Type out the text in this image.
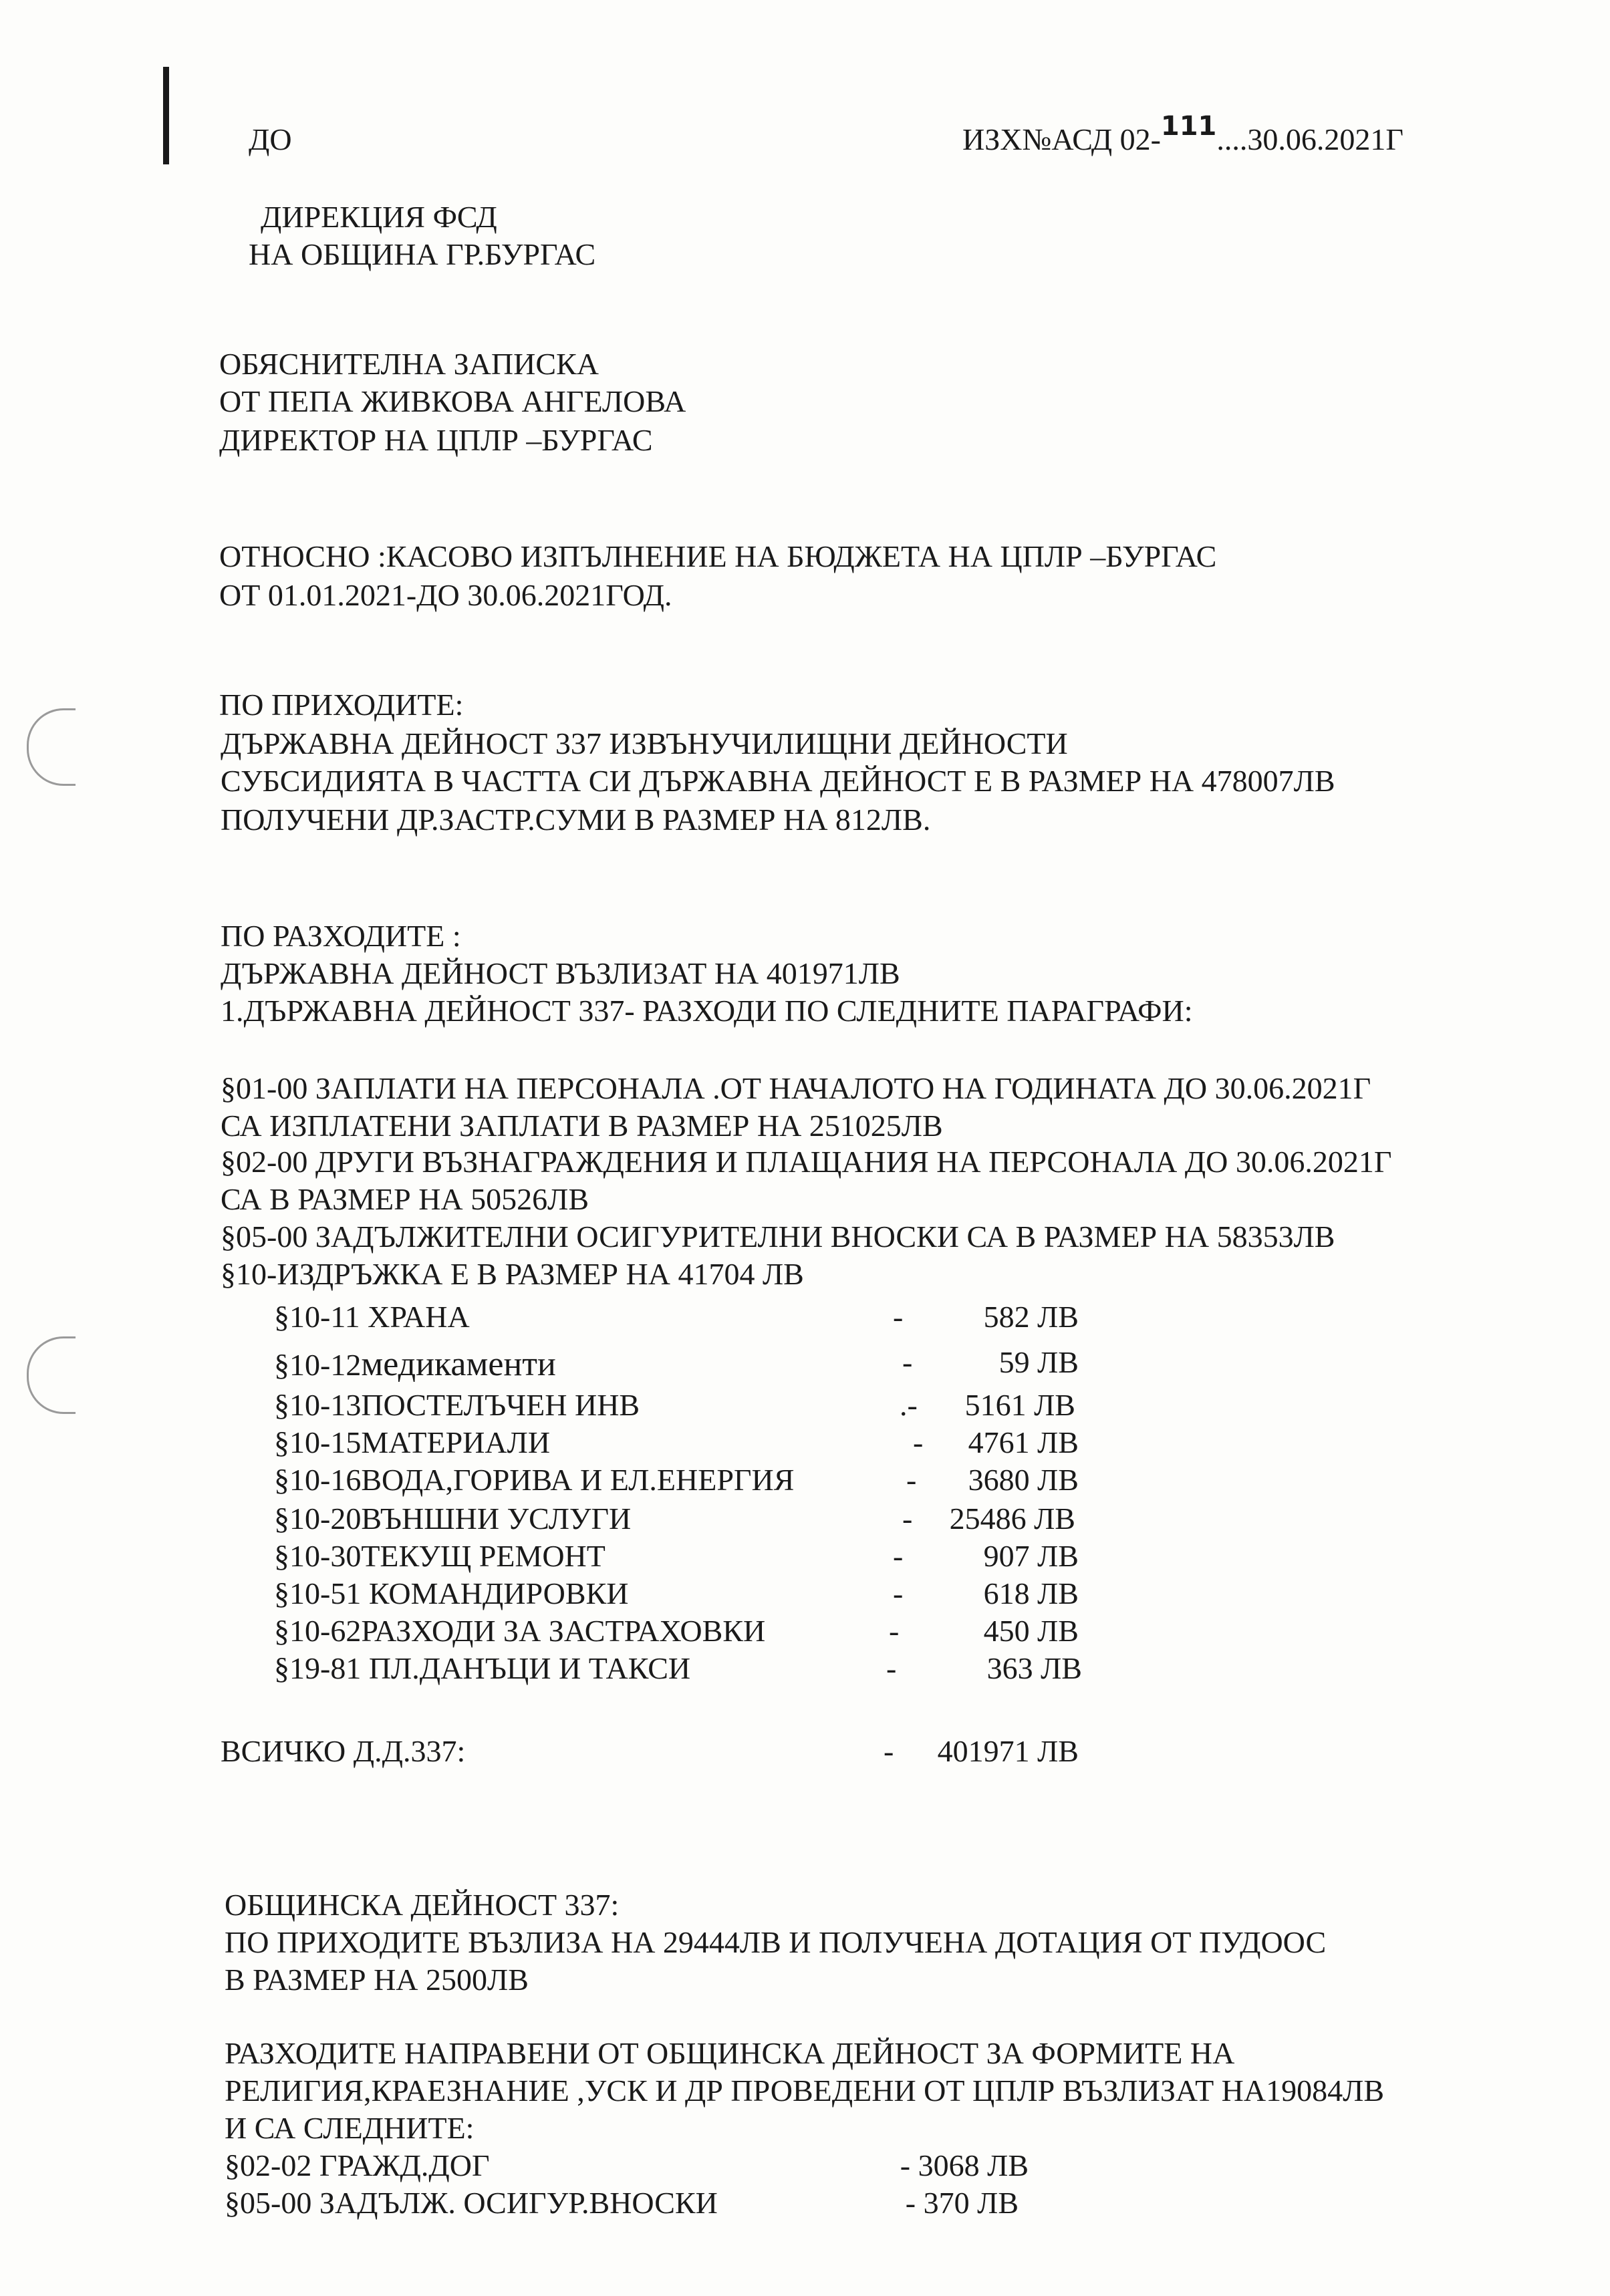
ДО	ИЗХ№АСД 02-111....30.06.2021Г
ДИРЕКЦИЯ ФСД
НА ОБЩИНА ГР.БУРГАС
ОБЯСНИТЕЛНА ЗАПИСКА
ОТ ПЕПА ЖИВКОВА АНГЕЛОВА
ДИРЕКТОР НА ЦПЛР –БУРГАС
ОТНОСНО :КАСОВО ИЗПЪЛНЕНИЕ НА БЮДЖЕТА НА ЦПЛР –БУРГАС
ОТ 01.01.2021-ДО 30.06.2021ГОД.
ПО ПРИХОДИТЕ:
ДЪРЖАВНА ДЕЙНОСТ 337 ИЗВЪНУЧИЛИЩНИ ДЕЙНОСТИ
СУБСИДИЯТА В ЧАСТТА СИ ДЪРЖАВНА ДЕЙНОСТ Е В РАЗМЕР НА 478007ЛВ
ПОЛУЧЕНИ ДР.ЗАСТР.СУМИ В РАЗМЕР НА 812ЛВ.
ПО РАЗХОДИТЕ :
ДЪРЖАВНА ДЕЙНОСТ ВЪЗЛИЗАТ НА 401971ЛВ
1.ДЪРЖАВНА ДЕЙНОСТ 337- РАЗХОДИ ПО СЛЕДНИТЕ ПАРАГРАФИ:
§01-00 ЗАПЛАТИ НА ПЕРСОНАЛА .ОТ НАЧАЛОТО НА ГОДИНАТА ДО 30.06.2021Г
СА ИЗПЛАТЕНИ ЗАПЛАТИ В РАЗМЕР НА 251025ЛВ
§02-00 ДРУГИ ВЪЗНАГРАЖДЕНИЯ И ПЛАЩАНИЯ НА ПЕРСОНАЛА ДО 30.06.2021Г
СА В РАЗМЕР НА 50526ЛВ
§05-00 ЗАДЪЛЖИТЕЛНИ ОСИГУРИТЕЛНИ ВНОСКИ СА В РАЗМЕР НА 58353ЛВ
§10-ИЗДРЪЖКА Е В РАЗМЕР НА 41704 ЛВ
§10-11 ХРАНА	-	582 ЛВ
§10-12медикаменти	-	59 ЛВ
§10-13ПОСТЕЛЪЧЕН ИНВ	.- 5161 ЛВ
§10-15МАТЕРИАЛИ	- 4761 ЛВ
§10-16ВОДА,ГОРИВА И ЕЛ.ЕНЕРГИЯ	- 3680 ЛВ
§10-20ВЪНШНИ УСЛУГИ	- 25486 ЛВ
§10-30ТЕКУЩ РЕМОНТ	-	907 ЛВ
§10-51 КОМАНДИРОВКИ	-	618 ЛВ
§10-62РАЗХОДИ ЗА ЗАСТРАХОВКИ	-	450 ЛВ
§19-81 ПЛ.ДАНЪЦИ И ТАКСИ	-	363 ЛВ
ВСИЧКО Д.Д.337:	- 401971 ЛВ
ОБЩИНСКА ДЕЙНОСТ 337:
ПО ПРИХОДИТЕ ВЪЗЛИЗА НА 29444ЛВ И ПОЛУЧЕНА ДОТАЦИЯ ОТ ПУДООС
В РАЗМЕР НА 2500ЛВ
РАЗХОДИТЕ НАПРАВЕНИ ОТ ОБЩИНСКА ДЕЙНОСТ ЗА ФОРМИТЕ НА
РЕЛИГИЯ,КРАЕЗНАНИЕ ,УСК И ДР ПРОВЕДЕНИ ОТ ЦПЛР ВЪЗЛИЗАТ НА19084ЛВ
И СА СЛЕДНИТЕ:
§02-02 ГРАЖД.ДОГ	- 3068 ЛВ
§05-00 ЗАДЪЛЖ. ОСИГУР.ВНОСКИ	- 370 ЛВ
